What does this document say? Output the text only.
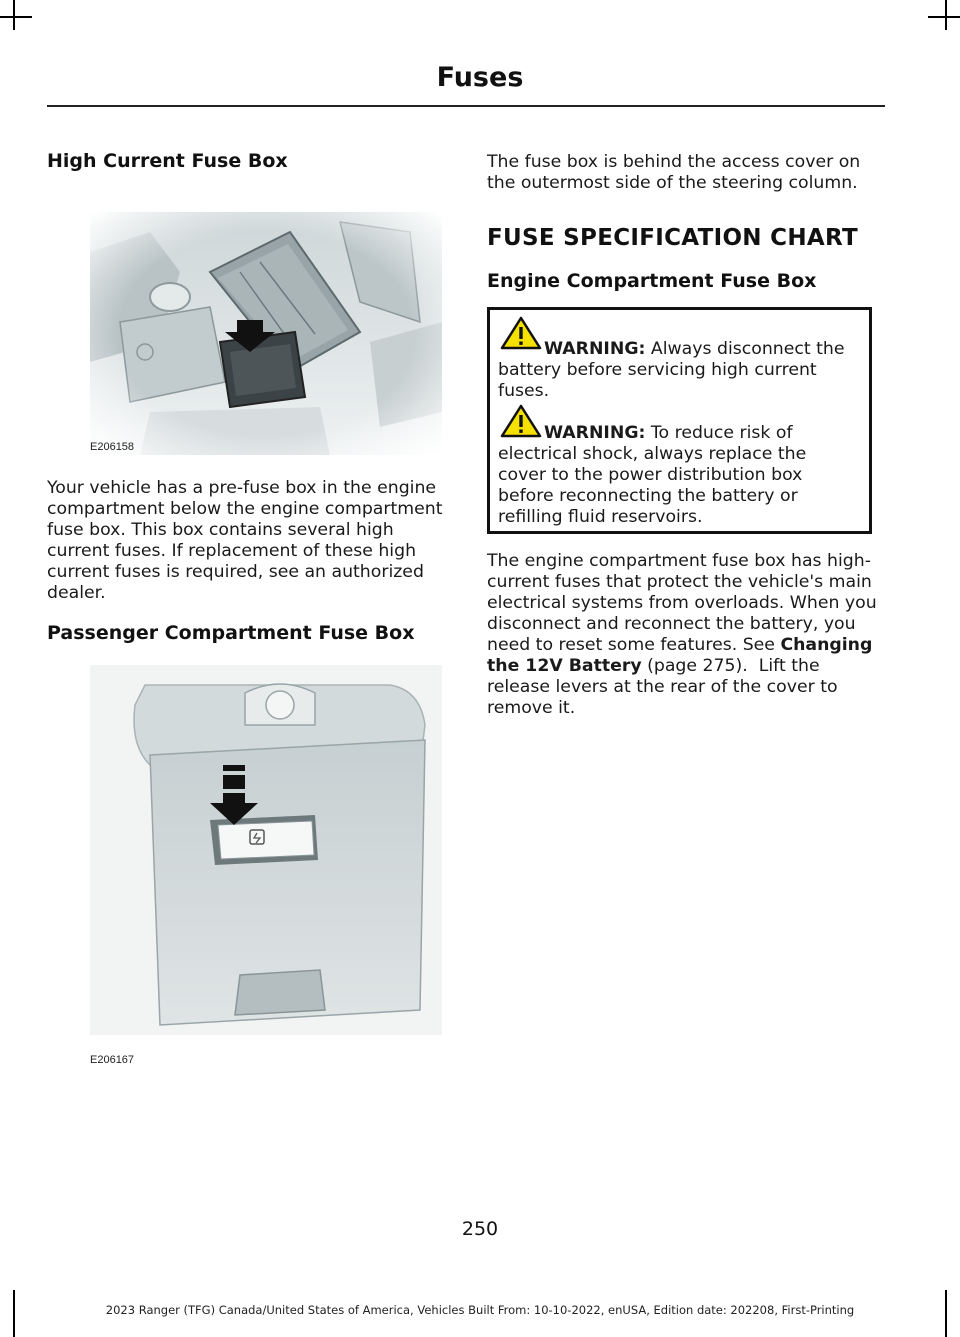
Fuses
High Current Fuse Box
E206158

Your vehicle has a pre-fuse box in the engine compartment below the engine compartment fuse box. This box contains several high current fuses. If replacement of these high current fuses is required, see an authorized dealer.

Passenger Compartment Fuse Box
E206167

The fuse box is behind the access cover on the outermost side of the steering column.

FUSE SPECIFICATION CHART
Engine Compartment Fuse Box
WARNING: Always disconnect the battery before servicing high current fuses.
WARNING: To reduce risk of electrical shock, always replace the cover to the power distribution box before reconnecting the battery or refilling fluid reservoirs.

The engine compartment fuse box has high-current fuses that protect the vehicle's main electrical systems from overloads. When you disconnect and reconnect the battery, you need to reset some features. See Changing the 12V Battery (page 275). Lift the release levers at the rear of the cover to remove it.

250
2023 Ranger (TFG) Canada/United States of America, Vehicles Built From: 10-10-2022, enUSA, Edition date: 202208, First-Printing
